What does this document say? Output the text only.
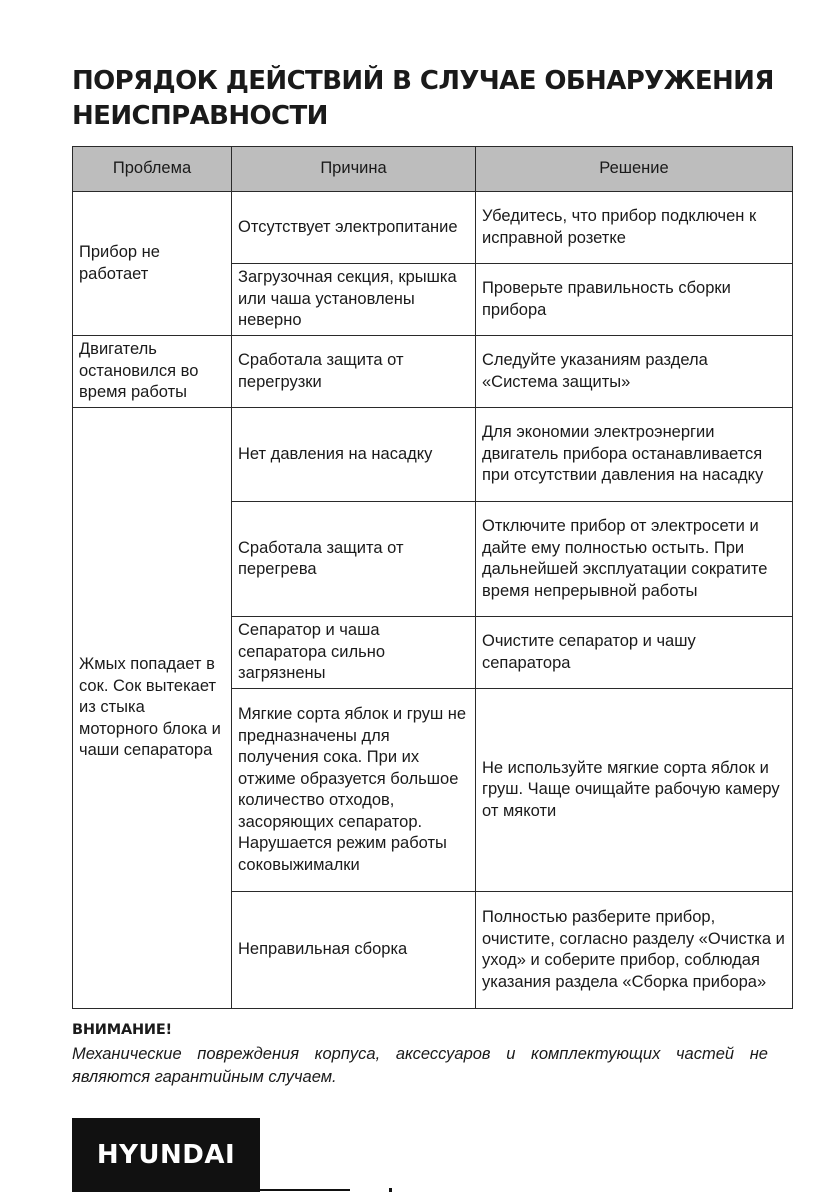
ПОРЯДОК ДЕЙСТВИЙ В СЛУЧАЕ ОБНАРУЖЕНИЯ
НЕИСПРАВНОСТИ
Проблема	Причина	Решение

Прибор не работает	Отсутствует электропитание	Убедитесь, что прибор подключен к исправной розетке

	Загрузочная секция, крышка или чаша установлены неверно	Проверьте правильность сборки прибора

Двигатель остановился во время работы	Сработала защита от перегрузки	Следуйте указаниям раздела «Система защиты»

Жмых попадает в сок. Сок вытекает из стыка моторного блока и чаши сепаратора	Нет давления на насадку	Для экономии электроэнергии двигатель прибора останавливается при отсутствии давления на насадку

	Сработала защита от перегрева	Отключите прибор от электросети и дайте ему полностью остыть. При дальнейшей эксплуатации сократите время непрерывной работы

	Сепаратор и чаша сепаратора сильно загрязнены	Очистите сепаратор и чашу сепаратора

	Мягкие сорта яблок и груш не предназначены для получения сока. При их отжиме образуется большое количество отходов, засоряющих сепаратор. Нарушается режим работы соковыжималки	Не используйте мягкие сорта яблок и груш. Чаще очищайте рабочую камеру от мякоти

	Неправильная сборка	Полностью разберите прибор, очистите, согласно разделу «Очистка и уход» и соберите прибор, соблюдая указания раздела «Сборка прибора»
ВНИМАНИЕ!
Механические повреждения корпуса, аксессуаров и комплектующих частей не являются гарантийным случаем.
HYUNDAI
